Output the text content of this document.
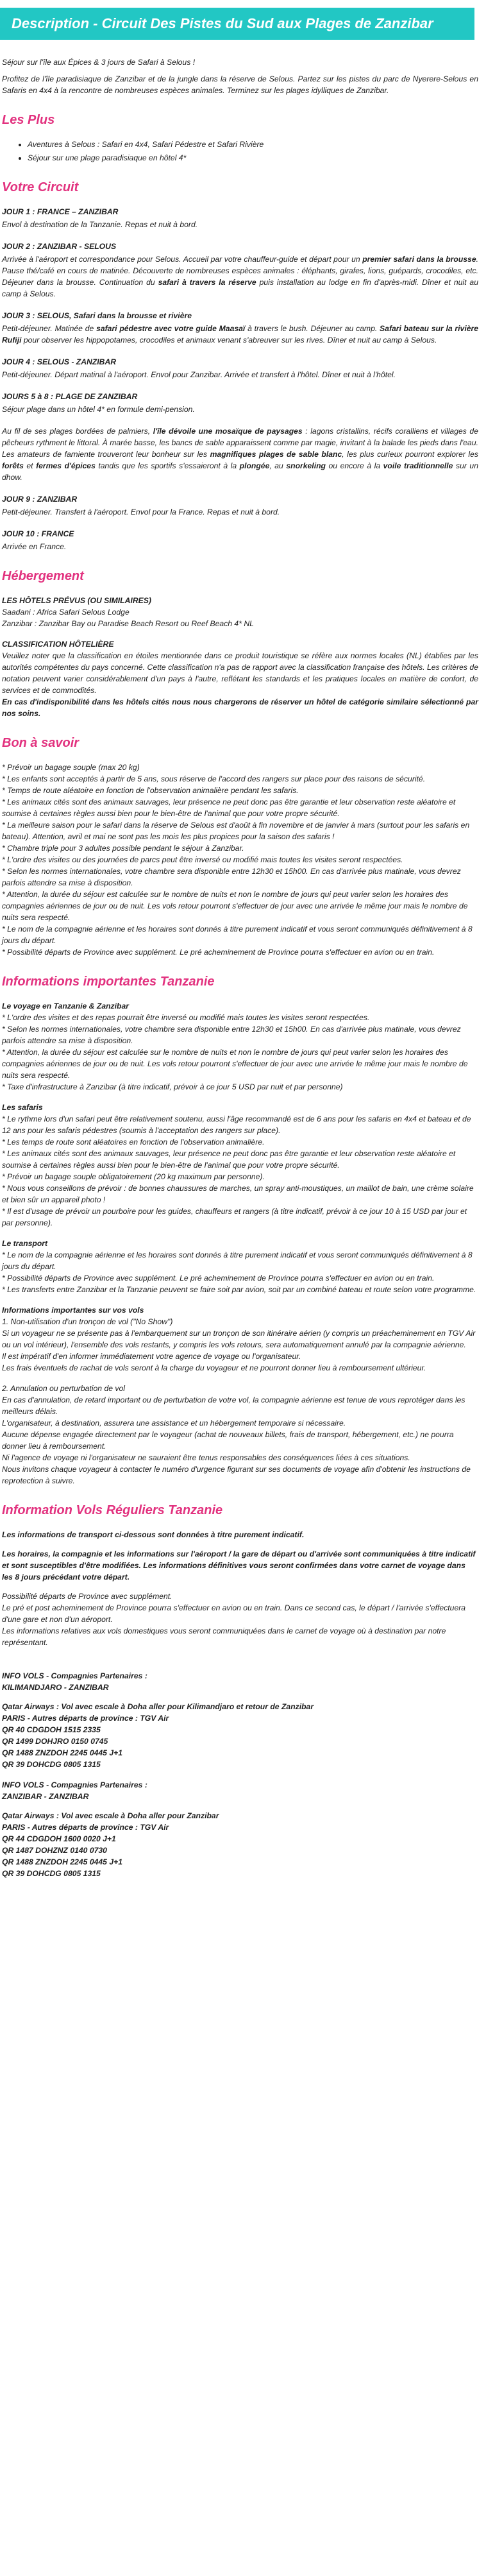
Description - Circuit Des Pistes du Sud aux Plages de Zanzibar

Séjour sur l'île aux Épices & 3 jours de Safari à Selous !

Profitez de l'île paradisiaque de Zanzibar et de la jungle dans la réserve de Selous. Partez sur les pistes du parc de Nyerere-Selous en Safaris en 4x4 à la rencontre de nombreuses espèces animales. Terminez sur les plages idylliques de Zanzibar.

Les Plus
• Aventures à Selous : Safari en 4x4, Safari Pédestre et Safari Rivière
• Séjour sur une plage paradisiaque en hôtel 4*
Votre Circuit
JOUR 1 : FRANCE – ZANZIBAR
Envol à destination de la Tanzanie. Repas et nuit à bord.
JOUR 2 : ZANZIBAR - SELOUS
Arrivée à l'aéroport et correspondance pour Selous. Accueil par votre chauffeur-guide et départ pour un premier safari dans la brousse. Pause thé/café en cours de matinée. Découverte de nombreuses espèces animales : éléphants, girafes, lions, guépards, crocodiles, etc. Déjeuner dans la brousse. Continuation du safari à travers la réserve puis installation au lodge en fin d'après-midi. Dîner et nuit au camp à Selous.
JOUR 3 : SELOUS, Safari dans la brousse et rivière
Petit-déjeuner. Matinée de safari pédestre avec votre guide Maasaï à travers le bush. Déjeuner au camp. Safari bateau sur la rivière Rufiji pour observer les hippopotames, crocodiles et animaux venant s'abreuver sur les rives. Dîner et nuit au camp à Selous.
JOUR 4 : SELOUS - ZANZIBAR
Petit-déjeuner. Départ matinal à l'aéroport. Envol pour Zanzibar. Arrivée et transfert à l'hôtel. Dîner et nuit à l'hôtel.
JOURS 5 à 8 : PLAGE DE ZANZIBAR
Séjour plage dans un hôtel 4* en formule demi-pension.
Au fil de ses plages bordées de palmiers, l'île dévoile une mosaïque de paysages : lagons cristallins, récifs coralliens et villages de pêcheurs rythment le littoral. À marée basse, les bancs de sable apparaissent comme par magie, invitant à la balade les pieds dans l'eau. Les amateurs de farniente trouveront leur bonheur sur les magnifiques plages de sable blanc, les plus curieux pourront explorer les forêts et fermes d'épices tandis que les sportifs s'essaieront à la plongée, au snorkeling ou encore à la voile traditionnelle sur un dhow.
JOUR 9 : ZANZIBAR
Petit-déjeuner. Transfert à l'aéroport. Envol pour la France. Repas et nuit à bord.
JOUR 10 : FRANCE
Arrivée en France.
Hébergement
LES HÔTELS PRÉVUS (OU SIMILAIRES)
Saadani : Africa Safari Selous Lodge
Zanzibar : Zanzibar Bay ou Paradise Beach Resort ou Reef Beach 4* NL
CLASSIFICATION HÔTELIÈRE
Veuillez noter que la classification en étoiles mentionnée dans ce produit touristique se réfère aux normes locales (NL) établies par les autorités compétentes du pays concerné. Cette classification n'a pas de rapport avec la classification française des hôtels. Les critères de notation peuvent varier considérablement d'un pays à l'autre, reflétant les standards et les pratiques locales en matière de confort, de services et de commodités.
En cas d'indisponibilité dans les hôtels cités nous nous chargerons de réserver un hôtel de catégorie similaire sélectionné par nos soins.
Bon à savoir
* Prévoir un bagage souple (max 20 kg)
* Les enfants sont acceptés à partir de 5 ans, sous réserve de l'accord des rangers sur place pour des raisons de sécurité.
* Temps de route aléatoire en fonction de l'observation animalière pendant les safaris.
* Les animaux cités sont des animaux sauvages, leur présence ne peut donc pas être garantie et leur observation reste aléatoire et soumise à certaines règles aussi bien pour le bien-être de l'animal que pour votre propre sécurité.
* La meilleure saison pour le safari dans la réserve de Selous est d'août à fin novembre et de janvier à mars (surtout pour les safaris en bateau). Attention, avril et mai ne sont pas les mois les plus propices pour la saison des safaris !
* Chambre triple pour 3 adultes possible pendant le séjour à Zanzibar.
* L'ordre des visites ou des journées de parcs peut être inversé ou modifié mais toutes les visites seront respectées.
* Selon les normes internationales, votre chambre sera disponible entre 12h30 et 15h00. En cas d'arrivée plus matinale, vous devrez parfois attendre sa mise à disposition.
* Attention, la durée du séjour est calculée sur le nombre de nuits et non le nombre de jours qui peut varier selon les horaires des compagnies aériennes de jour ou de nuit. Les vols retour pourront s'effectuer de jour avec une arrivée le même jour mais le nombre de nuits sera respecté.
* Le nom de la compagnie aérienne et les horaires sont donnés à titre purement indicatif et vous seront communiqués définitivement à 8 jours du départ.
* Possibilité départs de Province avec supplément. Le pré acheminement de Province pourra s'effectuer en avion ou en train.
Informations importantes Tanzanie
Le voyage en Tanzanie & Zanzibar
* L'ordre des visites et des repas pourrait être inversé ou modifié mais toutes les visites seront respectées.
* Selon les normes internationales, votre chambre sera disponible entre 12h30 et 15h00. En cas d'arrivée plus matinale, vous devrez parfois attendre sa mise à disposition.
* Attention, la durée du séjour est calculée sur le nombre de nuits et non le nombre de jours qui peut varier selon les horaires des compagnies aériennes de jour ou de nuit. Les vols retour pourront s'effectuer de jour avec une arrivée le même jour mais le nombre de nuits sera respecté.
* Taxe d'infrastructure à Zanzibar (à titre indicatif, prévoir à ce jour 5 USD par nuit et par personne)
Les safaris
* Le rythme lors d'un safari peut être relativement soutenu, aussi l'âge recommandé est de 6 ans pour les safaris en 4x4 et bateau et de 12 ans pour les safaris pédestres (soumis à l'acceptation des rangers sur place).
* Les temps de route sont aléatoires en fonction de l'observation animalière.
* Les animaux cités sont des animaux sauvages, leur présence ne peut donc pas être garantie et leur observation reste aléatoire et soumise à certaines règles aussi bien pour le bien-être de l'animal que pour votre propre sécurité.
* Prévoir un bagage souple obligatoirement (20 kg maximum par personne).
* Nous vous conseillons de prévoir : de bonnes chaussures de marches, un spray anti-moustiques, un maillot de bain, une crème solaire et bien sûr un appareil photo !
* Il est d'usage de prévoir un pourboire pour les guides, chauffeurs et rangers (à titre indicatif, prévoir à ce jour 10 à 15 USD par jour et par personne).
Le transport
* Le nom de la compagnie aérienne et les horaires sont donnés à titre purement indicatif et vous seront communiqués définitivement à 8 jours du départ.
* Possibilité départs de Province avec supplément. Le pré acheminement de Province pourra s'effectuer en avion ou en train.
* Les transferts entre Zanzibar et la Tanzanie peuvent se faire soit par avion, soit par un combiné bateau et route selon votre programme.
Informations importantes sur vos vols
1. Non-utilisation d'un tronçon de vol ("No Show")
Si un voyageur ne se présente pas à l'embarquement sur un tronçon de son itinéraire aérien (y compris un préacheminement en TGV Air ou un vol intérieur), l'ensemble des vols restants, y compris les vols retours, sera automatiquement annulé par la compagnie aérienne.
Il est impératif d'en informer immédiatement votre agence de voyage ou l'organisateur.
Les frais éventuels de rachat de vols seront à la charge du voyageur et ne pourront donner lieu à remboursement ultérieur.
2. Annulation ou perturbation de vol
En cas d'annulation, de retard important ou de perturbation de votre vol, la compagnie aérienne est tenue de vous reprotéger dans les meilleurs délais.
L'organisateur, à destination, assurera une assistance et un hébergement temporaire si nécessaire.
Aucune dépense engagée directement par le voyageur (achat de nouveaux billets, frais de transport, hébergement, etc.) ne pourra donner lieu à remboursement.
Ni l'agence de voyage ni l'organisateur ne sauraient être tenus responsables des conséquences liées à ces situations.
Nous invitons chaque voyageur à contacter le numéro d'urgence figurant sur ses documents de voyage afin d'obtenir les instructions de reprotection à suivre.
Information Vols Réguliers Tanzanie
Les informations de transport ci-dessous sont données à titre purement indicatif.
Les horaires, la compagnie et les informations sur l'aéroport / la gare de départ ou d'arrivée sont communiquées à titre indicatif et sont susceptibles d'être modifiées. Les informations définitives vous seront confirmées dans votre carnet de voyage dans les 8 jours précédant votre départ.
Possibilité départs de Province avec supplément.
Le pré et post acheminement de Province pourra s'effectuer en avion ou en train. Dans ce second cas, le départ / l'arrivée s'effectuera d'une gare et non d'un aéroport.
Les informations relatives aux vols domestiques vous seront communiquées dans le carnet de voyage où à destination par notre représentant.
INFO VOLS - Compagnies Partenaires :
KILIMANDJARO - ZANZIBAR
Qatar Airways : Vol avec escale à Doha aller pour Kilimandjaro et retour de Zanzibar
PARIS - Autres départs de province : TGV Air
QR 40 CDGDOH 1515 2335
QR 1499 DOHJRO 0150 0745
QR 1488 ZNZDOH 2245 0445 J+1
QR 39 DOHCDG 0805 1315
INFO VOLS - Compagnies Partenaires :
ZANZIBAR - ZANZIBAR
Qatar Airways : Vol avec escale à Doha aller pour Zanzibar
PARIS - Autres départs de province : TGV Air
QR 44 CDGDOH 1600 0020 J+1
QR 1487 DOHZNZ 0140 0730
QR 1488 ZNZDOH 2245 0445 J+1
QR 39 DOHCDG 0805 1315
